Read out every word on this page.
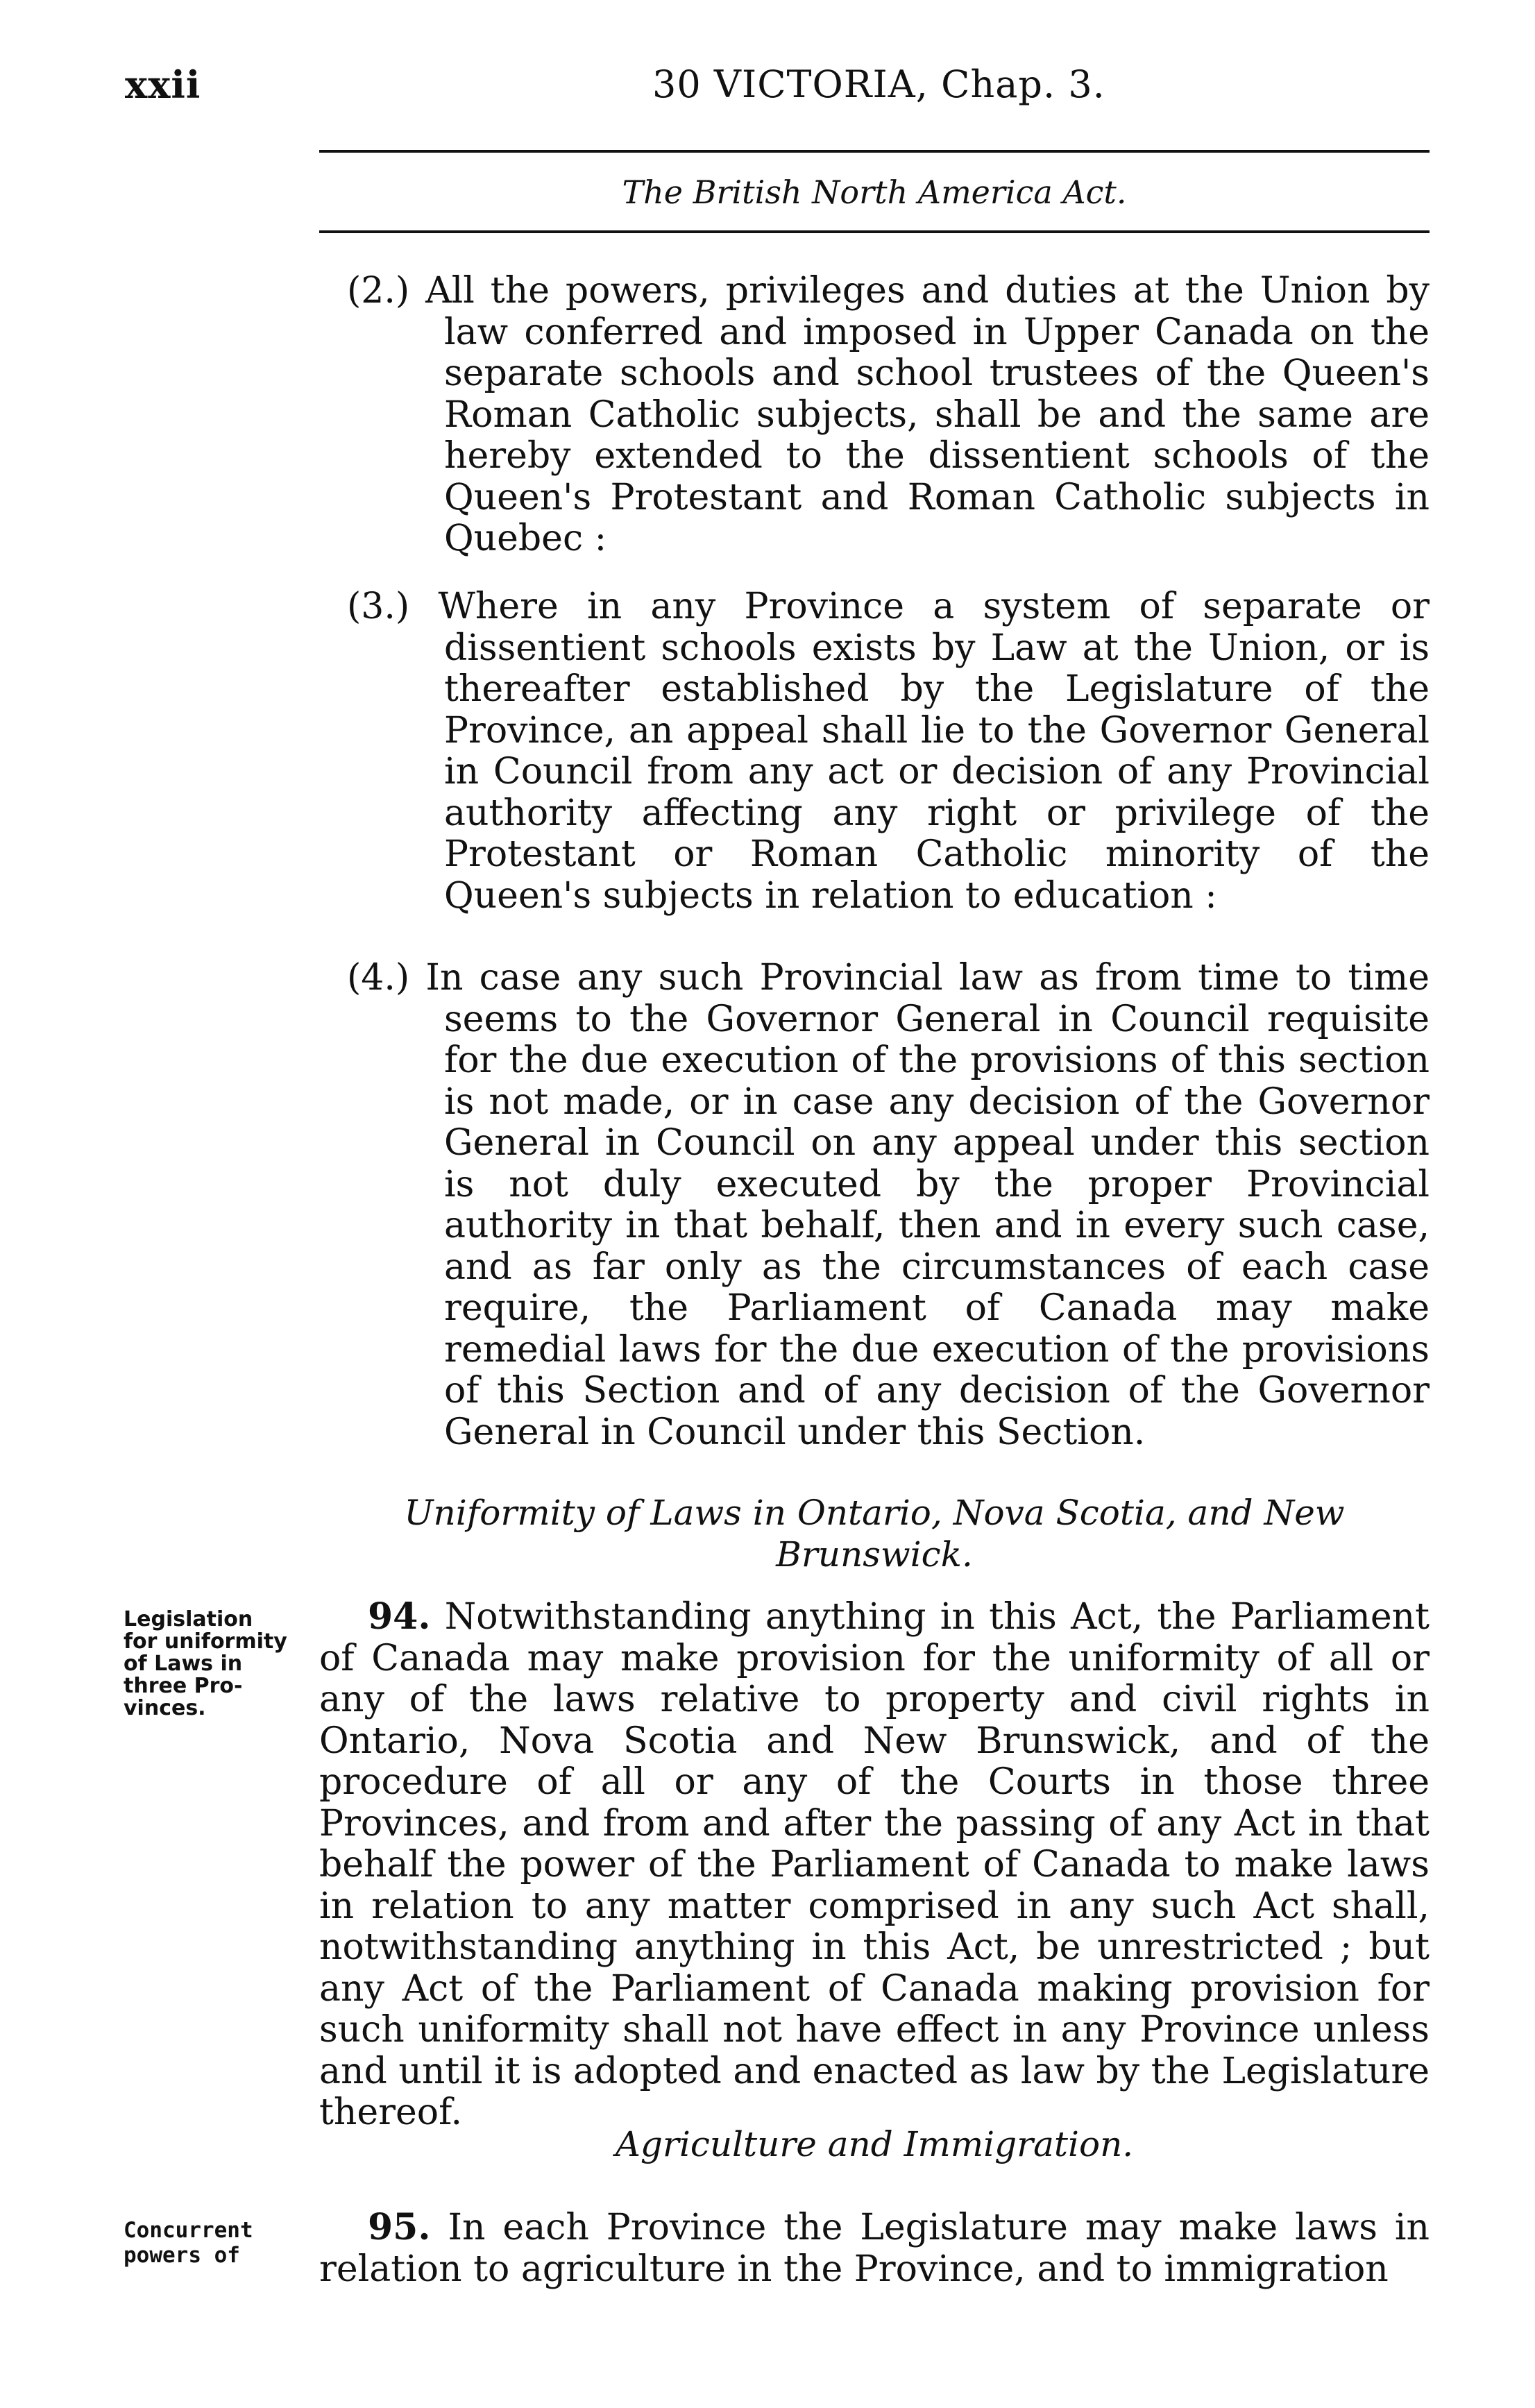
xxii	30 VICTORIA, Chap. 3.
The British North America Act.
(2.) All the powers, privileges and duties at the Union by law conferred and imposed in Upper Canada on the separate schools and school trustees of the Queen's Roman Catholic subjects, shall be and the same are hereby extended to the dissentient schools of the Queen's Protestant and Roman Catholic subjects in Quebec :
(3.) Where in any Province a system of separate or dissentient schools exists by Law at the Union, or is thereafter established by the Legislature of the Province, an appeal shall lie to the Governor General in Council from any act or decision of any Provincial authority affecting any right or privilege of the Protestant or Roman Catholic minority of the Queen's subjects in relation to education :
(4.) In case any such Provincial law as from time to time seems to the Governor General in Council requisite for the due execution of the provisions of this section is not made, or in case any decision of the Governor General in Council on any appeal under this section is not duly executed by the proper Provincial authority in that behalf, then and in every such case, and as far only as the circumstances of each case require, the Parliament of Canada may make remedial laws for the due execution of the provisions of this Section and of any decision of the Governor General in Council under this Section.
Uniformity of Laws in Ontario, Nova Scotia, and New Brunswick.
Legislation
for uniformity
of Laws in
three Pro-
vinces.
94. Notwithstanding anything in this Act, the Parliament of Canada may make provision for the uniformity of all or any of the laws relative to property and civil rights in Ontario, Nova Scotia and New Brunswick, and of the procedure of all or any of the Courts in those three Provinces, and from and after the passing of any Act in that behalf the power of the Parliament of Canada to make laws in relation to any matter comprised in any such Act shall, notwithstanding anything in this Act, be unrestricted ; but any Act of the Parliament of Canada making provision for such uniformity shall not have effect in any Province unless and until it is adopted and enacted as law by the Legislature thereof.
Agriculture and Immigration.
Concurrent
powers of
95. In each Province the Legislature may make laws in relation to agriculture in the Province, and to immigration
